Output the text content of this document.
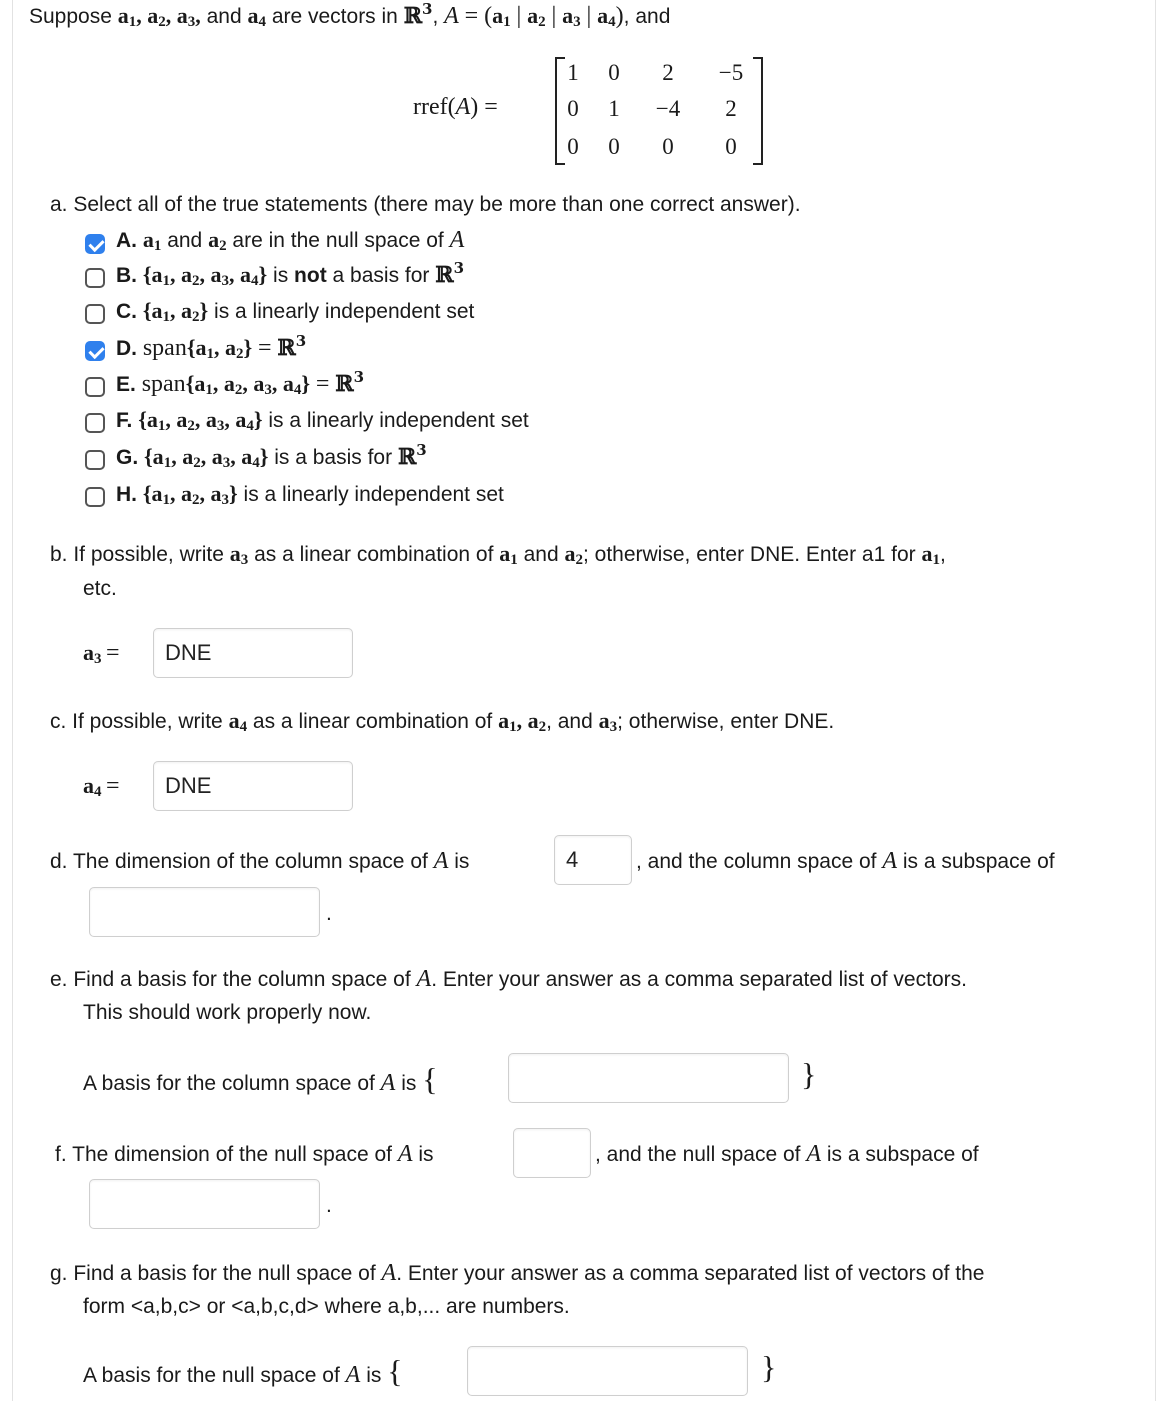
Suppose $a_1$, $a_2$, $a_3$, and $a_4$ are vectors in ℝ$^3$, $A = (a_1$ | $a_2$ | $a_3$ | $a_4$), and
rref(A) =
1	0	2	−5
0	1	−4	2
0	0	0	0
a. Select all of the true statements (there may be more than one correct answer).
A. $a_1$ and $a_2$ are in the null space of A
B. {$a_1$, $a_2$, $a_3$, $a_4$} is not a basis for ℝ$^3$
C. {$a_1$, $a_2$} is a linearly independent set
D. $span\{a_1$, $a_2$} = ℝ$^3$
E. $span\{a_1$, $a_2$, $a_3$, $a_4$} = ℝ$^3$
F. {$a_1$, $a_2$, $a_3$, $a_4$} is a linearly independent set
G. {$a_1$, $a_2$, $a_3$, $a_4$} is a basis for ℝ$^3$
H. {$a_1$, $a_2$, $a_3$} is a linearly independent set
b. If possible, write $a_3$ as a linear combination of $a_1$ and $a_2$; otherwise, enter DNE. Enter a1 for $a_1$,
etc.
$a_3$ =	DNE
c. If possible, write $a_4$ as a linear combination of $a_1$, $a_2$, and $a_3$; otherwise, enter DNE.
$a_4$ =	DNE
d. The dimension of the column space of A is	4	, and the column space of A is a subspace of
.
e. Find a basis for the column space of A. Enter your answer as a comma separated list of vectors.
This should work properly now.
A basis for the column space of A is {	}
f. The dimension of the null space of A is	, and the null space of A is a subspace of
.
g. Find a basis for the null space of A. Enter your answer as a comma separated list of vectors of the
form <a,b,c> or <a,b,c,d> where a,b,... are numbers.
A basis for the null space of A is {	}
